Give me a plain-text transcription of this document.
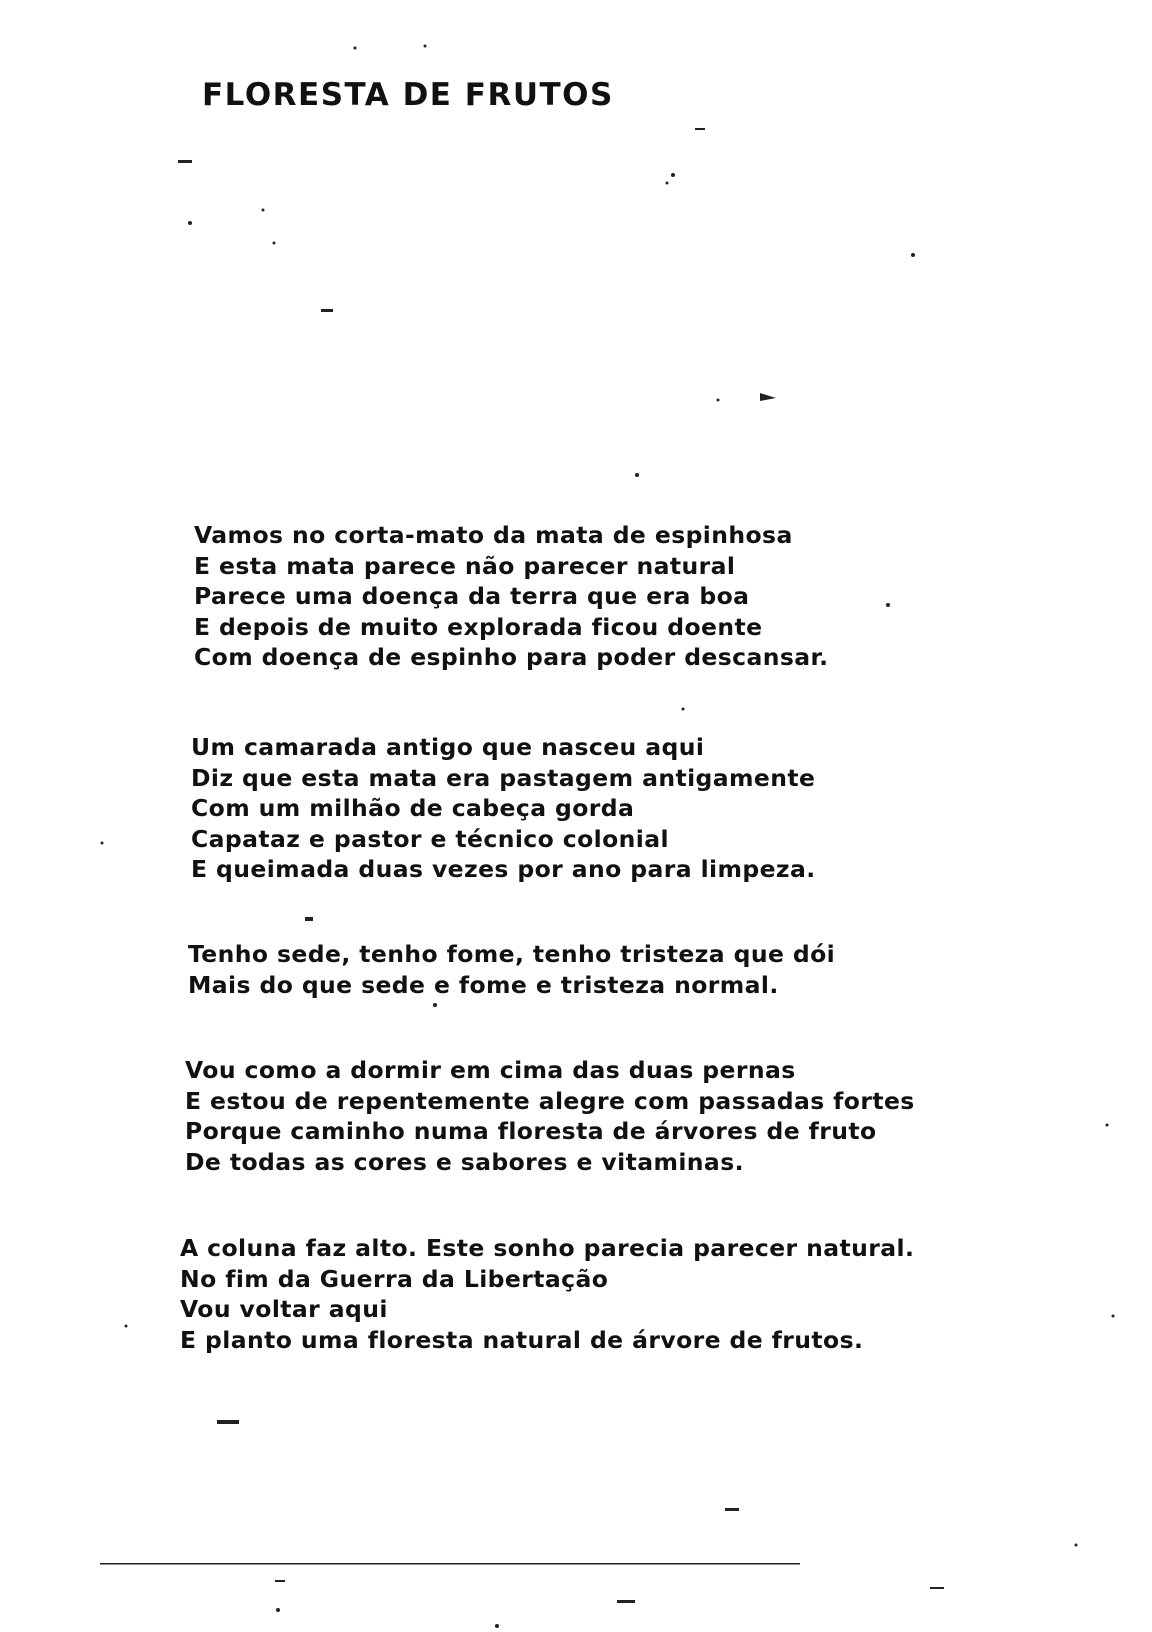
FLORESTA DE FRUTOS
Vamos no corta-mato da mata de espinhosa
E esta mata parece não parecer natural
Parece uma doença da terra que era boa
E depois de muito explorada ficou doente
Com doença de espinho para poder descansar.
Um camarada antigo que nasceu aqui
Diz que esta mata era pastagem antigamente
Com um milhão de cabeça gorda
Capataz e pastor e técnico colonial
E queimada duas vezes por ano para limpeza.
Tenho sede, tenho fome, tenho tristeza que dói
Mais do que sede e fome e tristeza normal.
Vou como a dormir em cima das duas pernas
E estou de repentemente alegre com passadas fortes
Porque caminho numa floresta de árvores de fruto
De todas as cores e sabores e vitaminas.
A coluna faz alto. Este sonho parecia parecer natural.
No fim da Guerra da Libertação
Vou voltar aqui
E planto uma floresta natural de árvore de frutos.
